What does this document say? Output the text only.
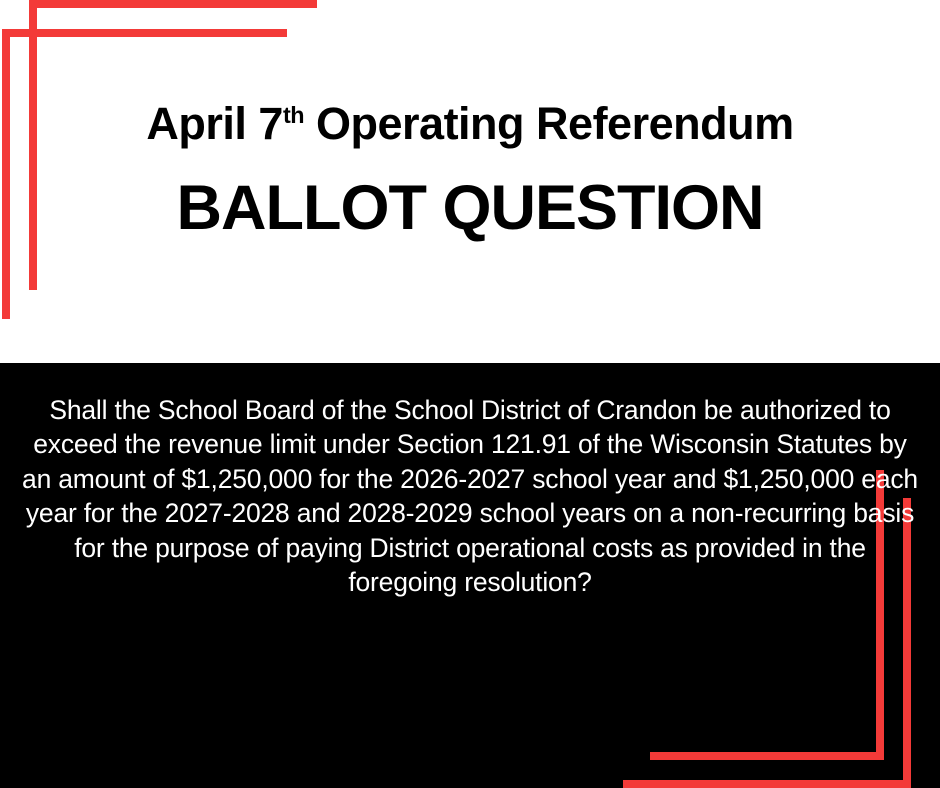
April 7th Operating Referendum
BALLOT QUESTION
Shall the School Board of the School District of Crandon be authorized to exceed the revenue limit under Section 121.91 of the Wisconsin Statutes by an amount of $1,250,000 for the 2026-2027 school year and $1,250,000 each year for the 2027-2028 and 2028-2029 school years on a non-recurring basis for the purpose of paying District operational costs as provided in the foregoing resolution?
